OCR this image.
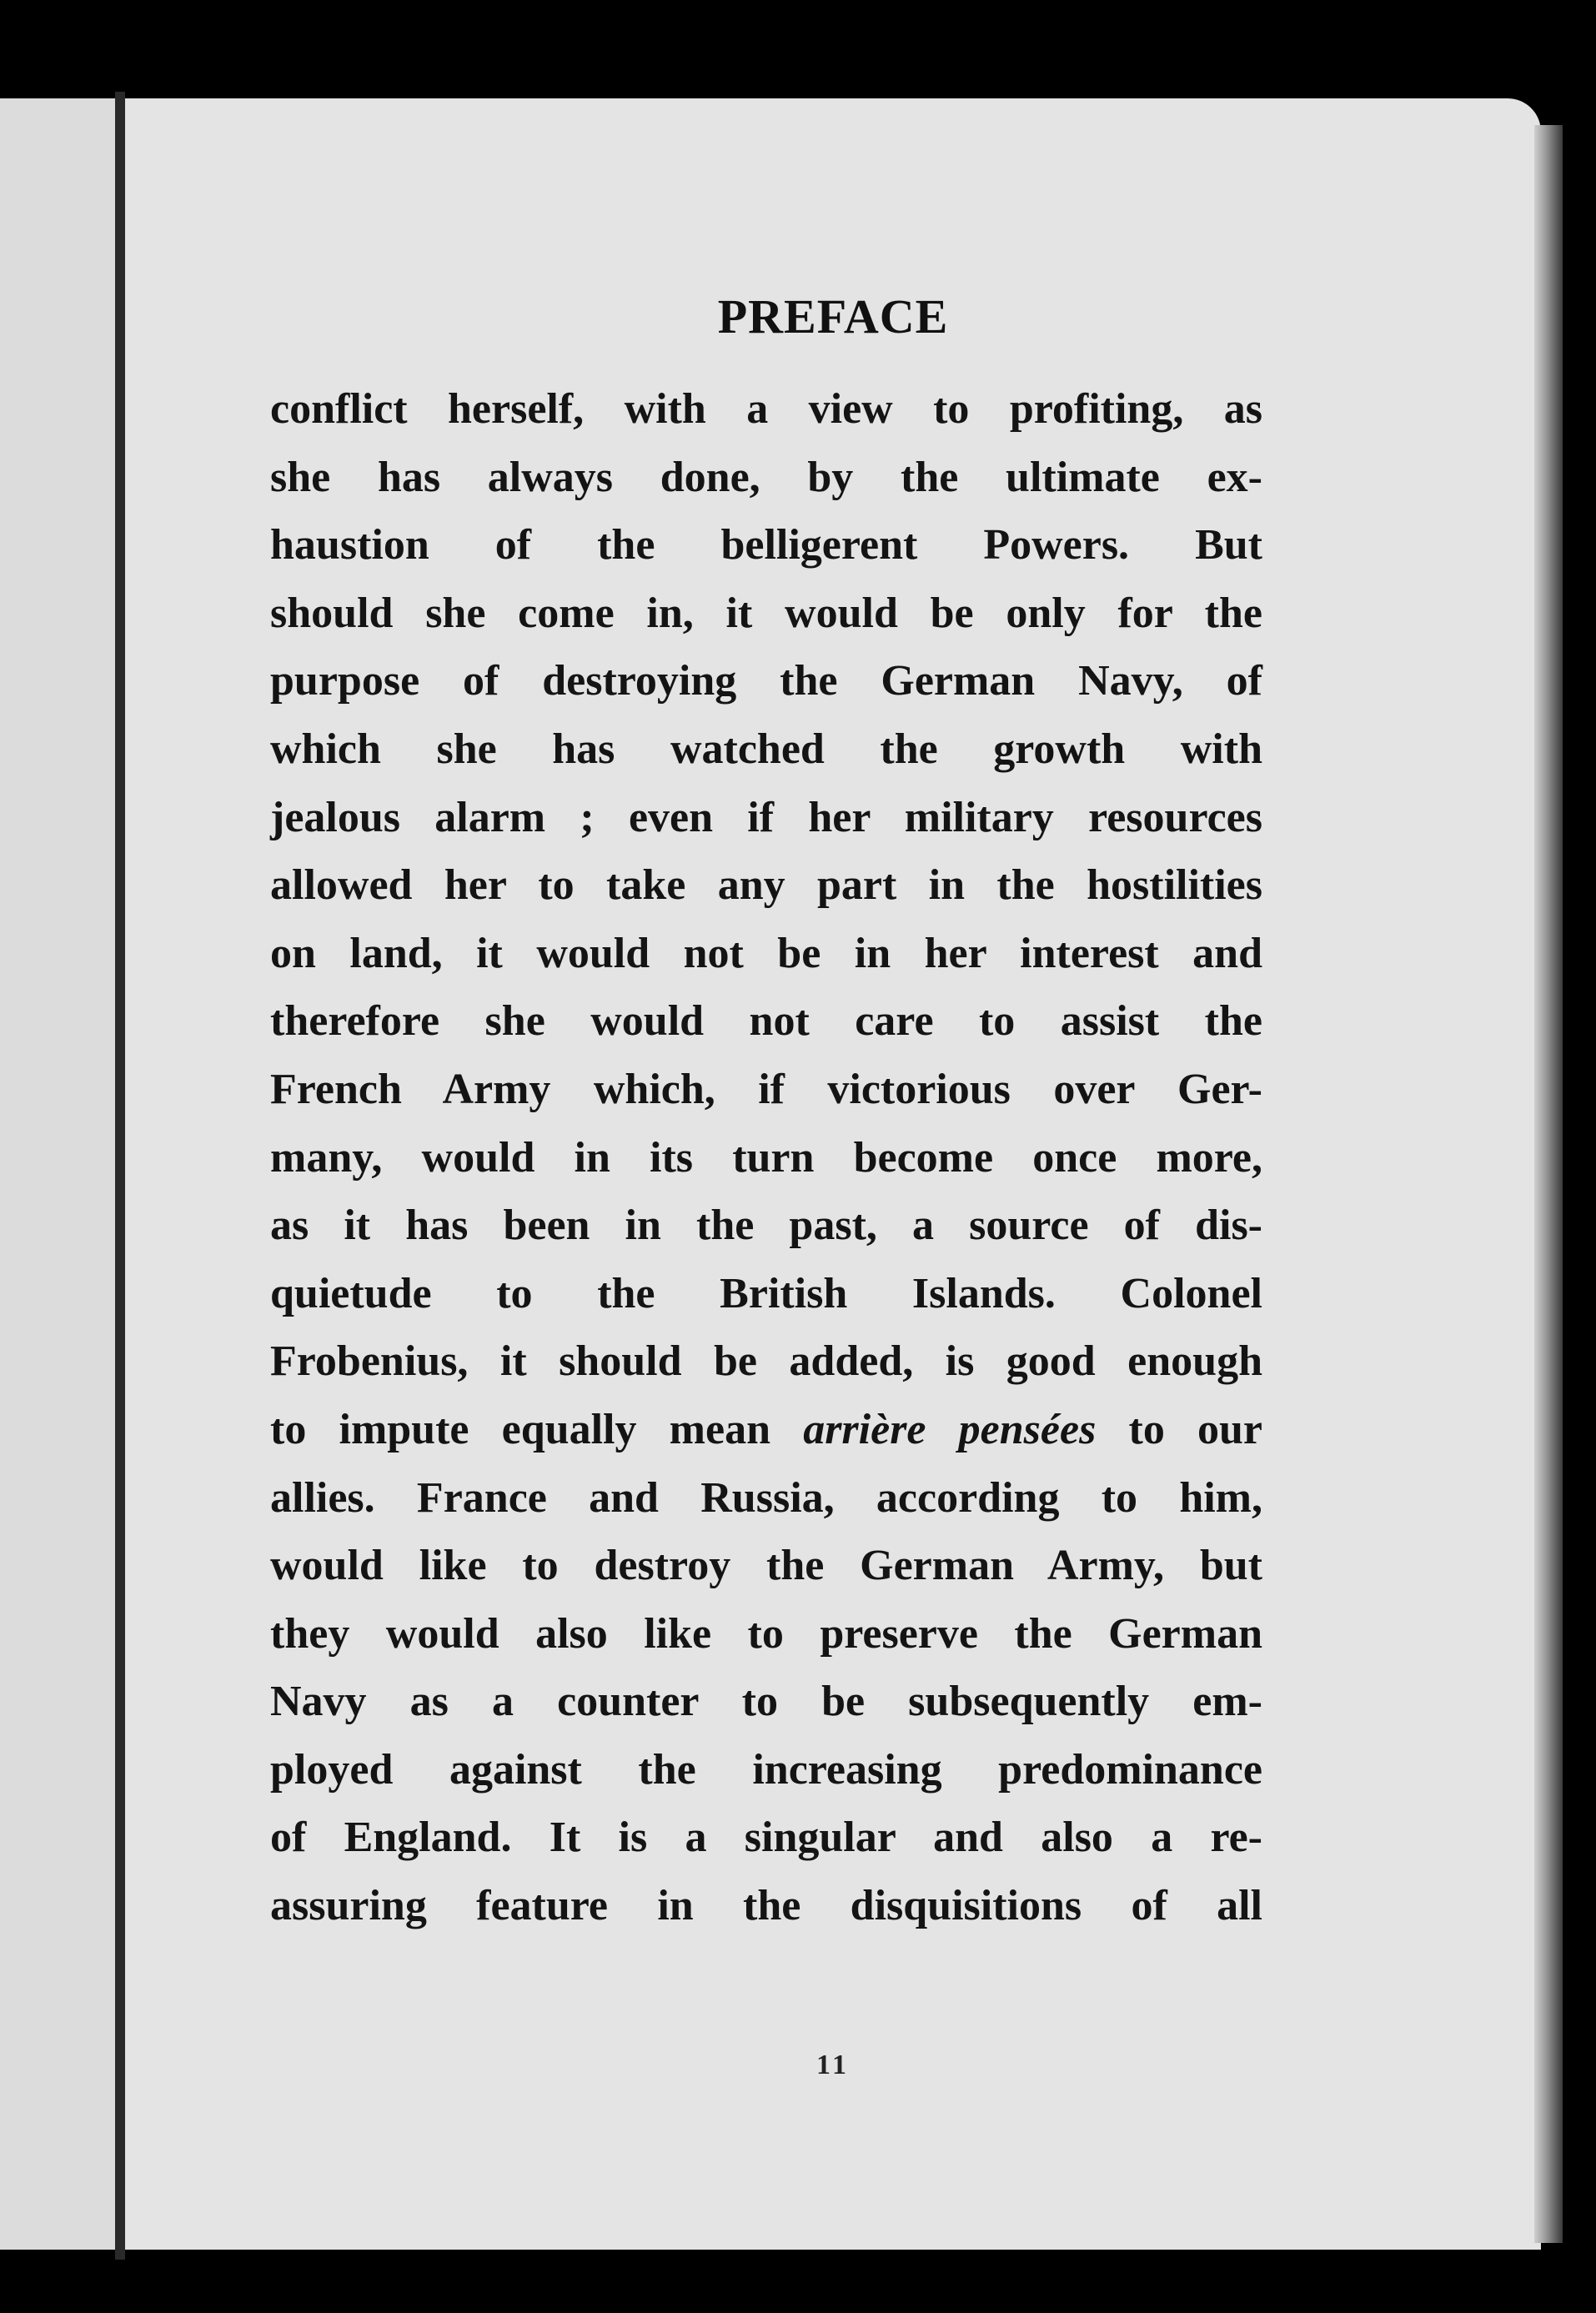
PREFACE
conflict herself, with a view to profiting, as
she has always done, by the ultimate ex-
haustion of the belligerent Powers. But
should she come in, it would be only for the
purpose of destroying the German Navy, of
which she has watched the growth with
jealous alarm ; even if her military resources
allowed her to take any part in the hostilities
on land, it would not be in her interest and
therefore she would not care to assist the
French Army which, if victorious over Ger-
many, would in its turn become once more,
as it has been in the past, a source of dis-
quietude to the British Islands. Colonel
Frobenius, it should be added, is good enough
to impute equally mean arrière pensées to our
allies. France and Russia, according to him,
would like to destroy the German Army, but
they would also like to preserve the German
Navy as a counter to be subsequently em-
ployed against the increasing predominance
of England. It is a singular and also a re-
assuring feature in the disquisitions of all
11
